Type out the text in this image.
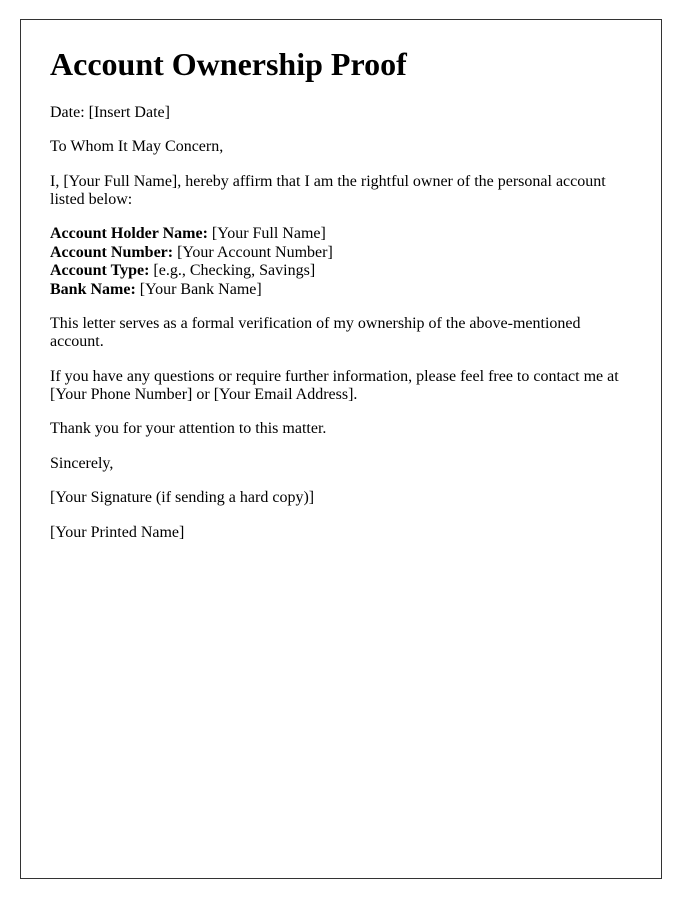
Account Ownership Proof

Date: [Insert Date]

To Whom It May Concern,

I, [Your Full Name], hereby affirm that I am the rightful owner of the personal account listed below:

Account Holder Name: [Your Full Name]
Account Number: [Your Account Number]
Account Type: [e.g., Checking, Savings]
Bank Name: [Your Bank Name]

This letter serves as a formal verification of my ownership of the above-mentioned account.

If you have any questions or require further information, please feel free to contact me at [Your Phone Number] or [Your Email Address].

Thank you for your attention to this matter.

Sincerely,

[Your Signature (if sending a hard copy)]

[Your Printed Name]
